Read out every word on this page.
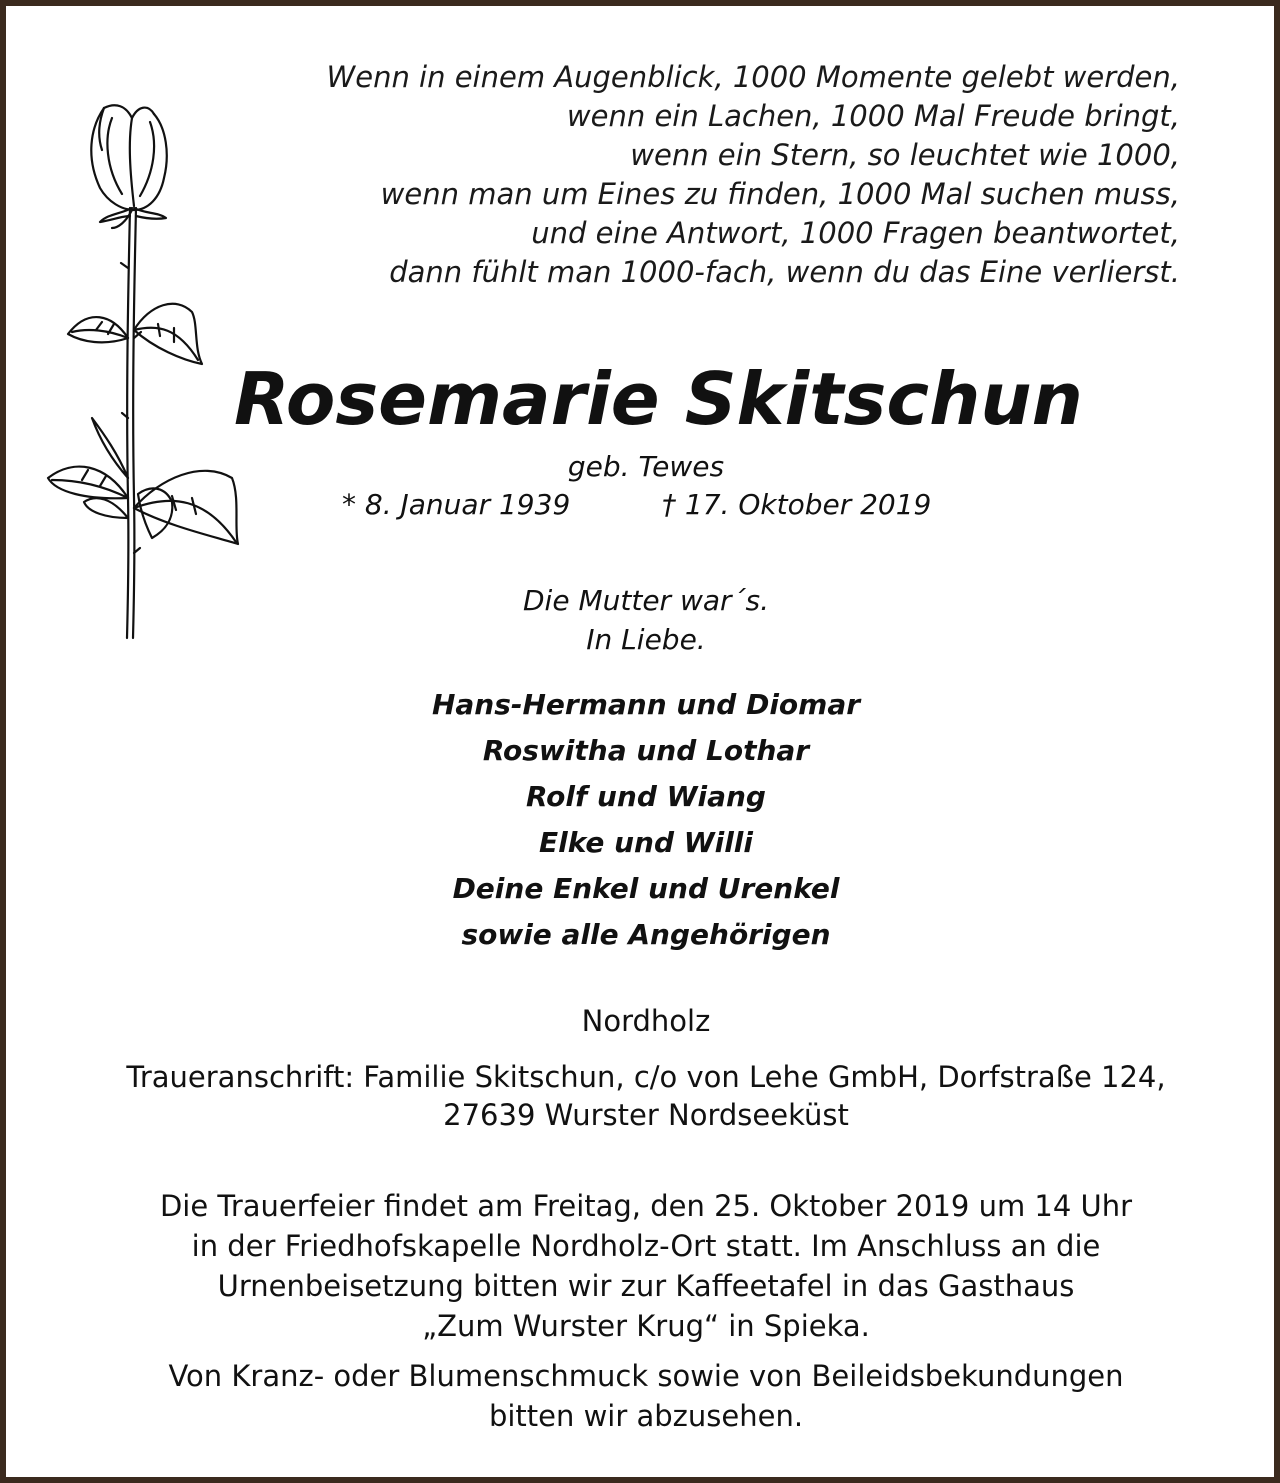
Wenn in einem Augenblick, 1000 Momente gelebt werden,
wenn ein Lachen, 1000 Mal Freude bringt,
wenn ein Stern, so leuchtet wie 1000,
wenn man um Eines zu finden, 1000 Mal suchen muss,
und eine Antwort, 1000 Fragen beantwortet,
dann fühlt man 1000-fach, wenn du das Eine verlierst.
Rosemarie Skitschun
geb. Tewes
* 8. Januar 1939	† 17. Oktober 2019
Die Mutter war´s.
In Liebe.
Hans-Hermann und Diomar
Roswitha und Lothar
Rolf und Wiang
Elke und Willi
Deine Enkel und Urenkel
sowie alle Angehörigen
Nordholz
Traueranschrift: Familie Skitschun, c/o von Lehe GmbH, Dorfstraße 124,
27639 Wurster Nordseeküst
Die Trauerfeier findet am Freitag, den 25. Oktober 2019 um 14 Uhr
in der Friedhofskapelle Nordholz-Ort statt. Im Anschluss an die
Urnenbeisetzung bitten wir zur Kaffeetafel in das Gasthaus
„Zum Wurster Krug“ in Spieka.
Von Kranz- oder Blumenschmuck sowie von Beileidsbekundungen
bitten wir abzusehen.
